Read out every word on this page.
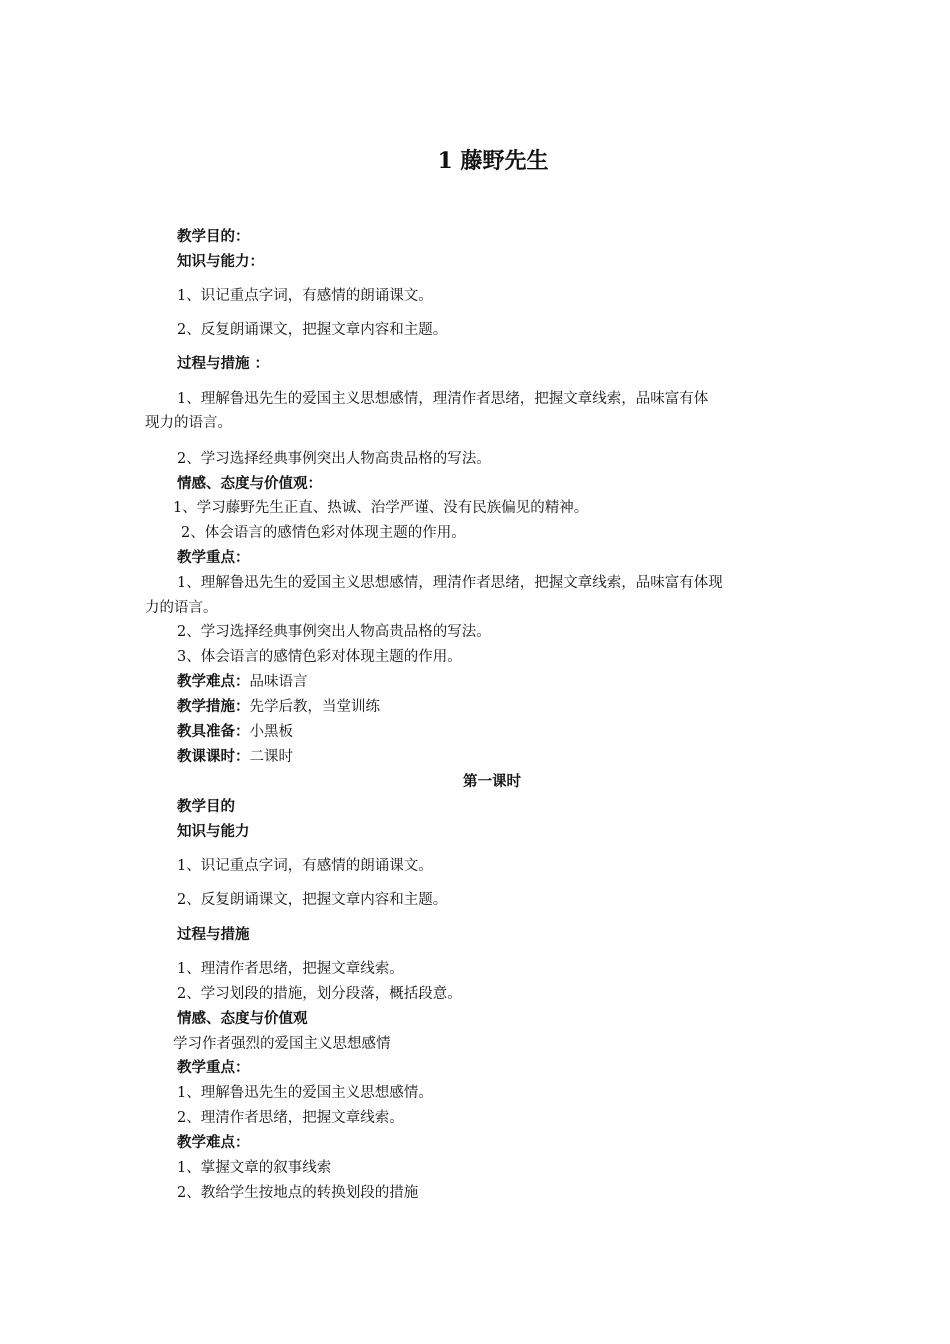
1 藤野先生
教学目的：
知识与能力：
1、识记重点字词，有感情的朗诵课文。
2、反复朗诵课文，把握文章内容和主题。
过程与措施 ：
1、理解鲁迅先生的爱国主义思想感情，理清作者思绪，把握文章线索，品味富有体
现力的语言。
2、学习选择经典事例突出人物高贵品格的写法。
情感、态度与价值观：
1、学习藤野先生正直、热诚、治学严谨、没有民族偏见的精神。
2、体会语言的感情色彩对体现主题的作用。
教学重点：
1、理解鲁迅先生的爱国主义思想感情，理清作者思绪，把握文章线索，品味富有体现
力的语言。
2、学习选择经典事例突出人物高贵品格的写法。
3、体会语言的感情色彩对体现主题的作用。
教学难点：品味语言
教学措施：先学后教，当堂训练
教具准备：小黑板
教课课时：二课时
第一课时
教学目的
知识与能力
1、识记重点字词，有感情的朗诵课文。
2、反复朗诵课文，把握文章内容和主题。
过程与措施
1、理清作者思绪，把握文章线索。
2、学习划段的措施，划分段落，概括段意。
情感、态度与价值观
学习作者强烈的爱国主义思想感情
教学重点：
1、理解鲁迅先生的爱国主义思想感情。
2、理清作者思绪，把握文章线索。
教学难点：
1、掌握文章的叙事线索
2、教给学生按地点的转换划段的措施
